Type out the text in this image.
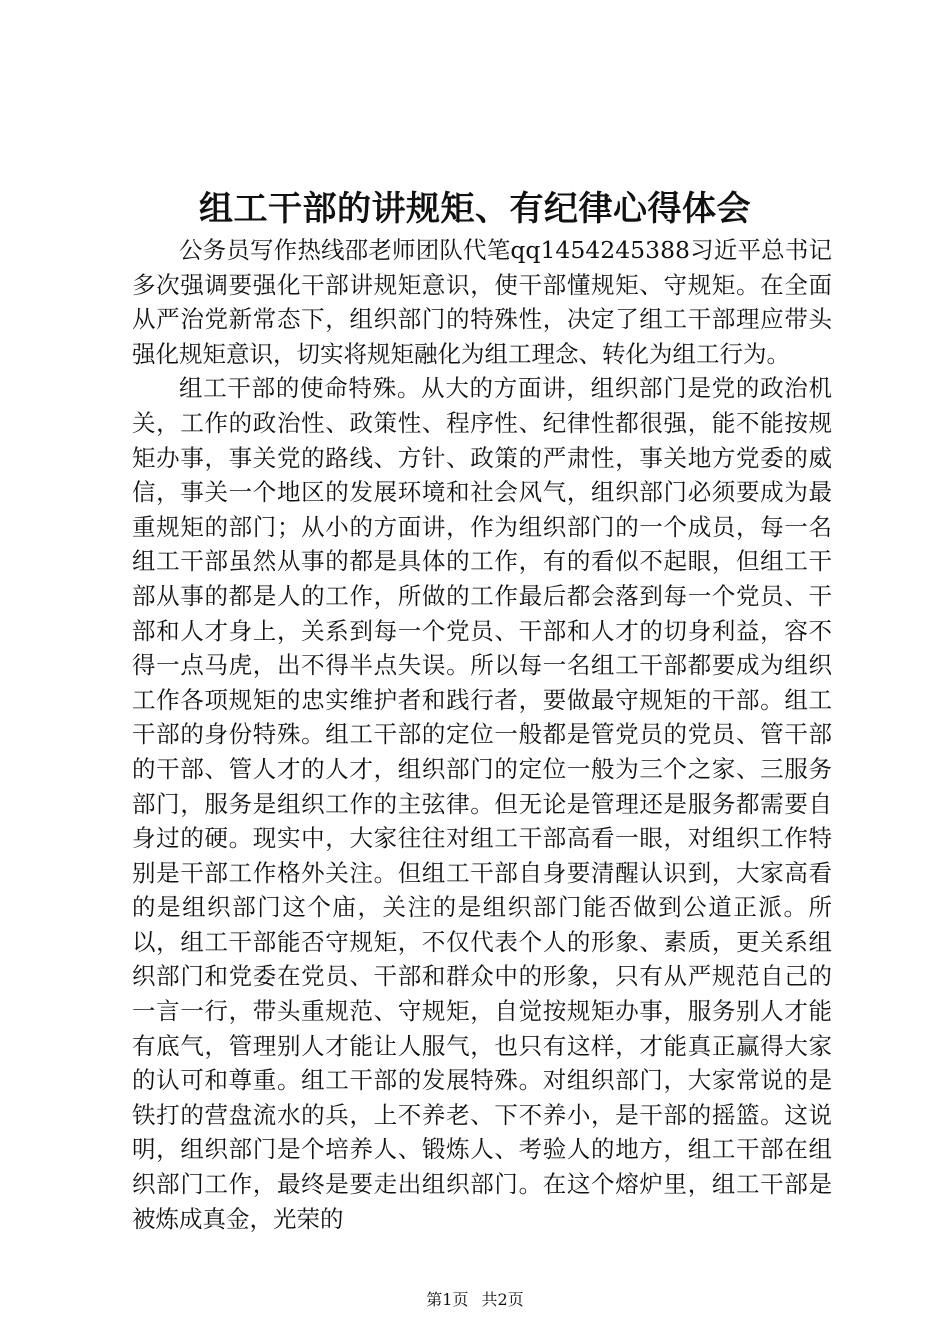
组工干部的讲规矩、有纪律心得体会

公务员写作热线邵老师团队代笔qq1454245388习近平总书记多次强调要强化干部讲规矩意识，使干部懂规矩、守规矩。在全面从严治党新常态下，组织部门的特殊性，决定了组工干部理应带头强化规矩意识，切实将规矩融化为组工理念、转化为组工行为。

组工干部的使命特殊。从大的方面讲，组织部门是党的政治机关，工作的政治性、政策性、程序性、纪律性都很强，能不能按规矩办事，事关党的路线、方针、政策的严肃性，事关地方党委的威信，事关一个地区的发展环境和社会风气，组织部门必须要成为最重规矩的部门；从小的方面讲，作为组织部门的一个成员，每一名组工干部虽然从事的都是具体的工作，有的看似不起眼，但组工干部从事的都是人的工作，所做的工作最后都会落到每一个党员、干部和人才身上，关系到每一个党员、干部和人才的切身利益，容不得一点马虎，出不得半点失误。所以每一名组工干部都要成为组织工作各项规矩的忠实维护者和践行者，要做最守规矩的干部。组工干部的身份特殊。组工干部的定位一般都是管党员的党员、管干部的干部、管人才的人才，组织部门的定位一般为三个之家、三服务部门，服务是组织工作的主弦律。但无论是管理还是服务都需要自身过的硬。现实中，大家往往对组工干部高看一眼，对组织工作特别是干部工作格外关注。但组工干部自身要清醒认识到，大家高看的是组织部门这个庙，关注的是组织部门能否做到公道正派。所以，组工干部能否守规矩，不仅代表个人的形象、素质，更关系组织部门和党委在党员、干部和群众中的形象，只有从严规范自己的一言一行，带头重规范、守规矩，自觉按规矩办事，服务别人才能有底气，管理别人才能让人服气，也只有这样，才能真正赢得大家的认可和尊重。组工干部的发展特殊。对组织部门，大家常说的是铁打的营盘流水的兵，上不养老、下不养小，是干部的摇篮。这说明，组织部门是个培养人、锻炼人、考验人的地方，组工干部在组织部门工作，最终是要走出组织部门。在这个熔炉里，组工干部是被炼成真金，光荣的

第1页 共2页
